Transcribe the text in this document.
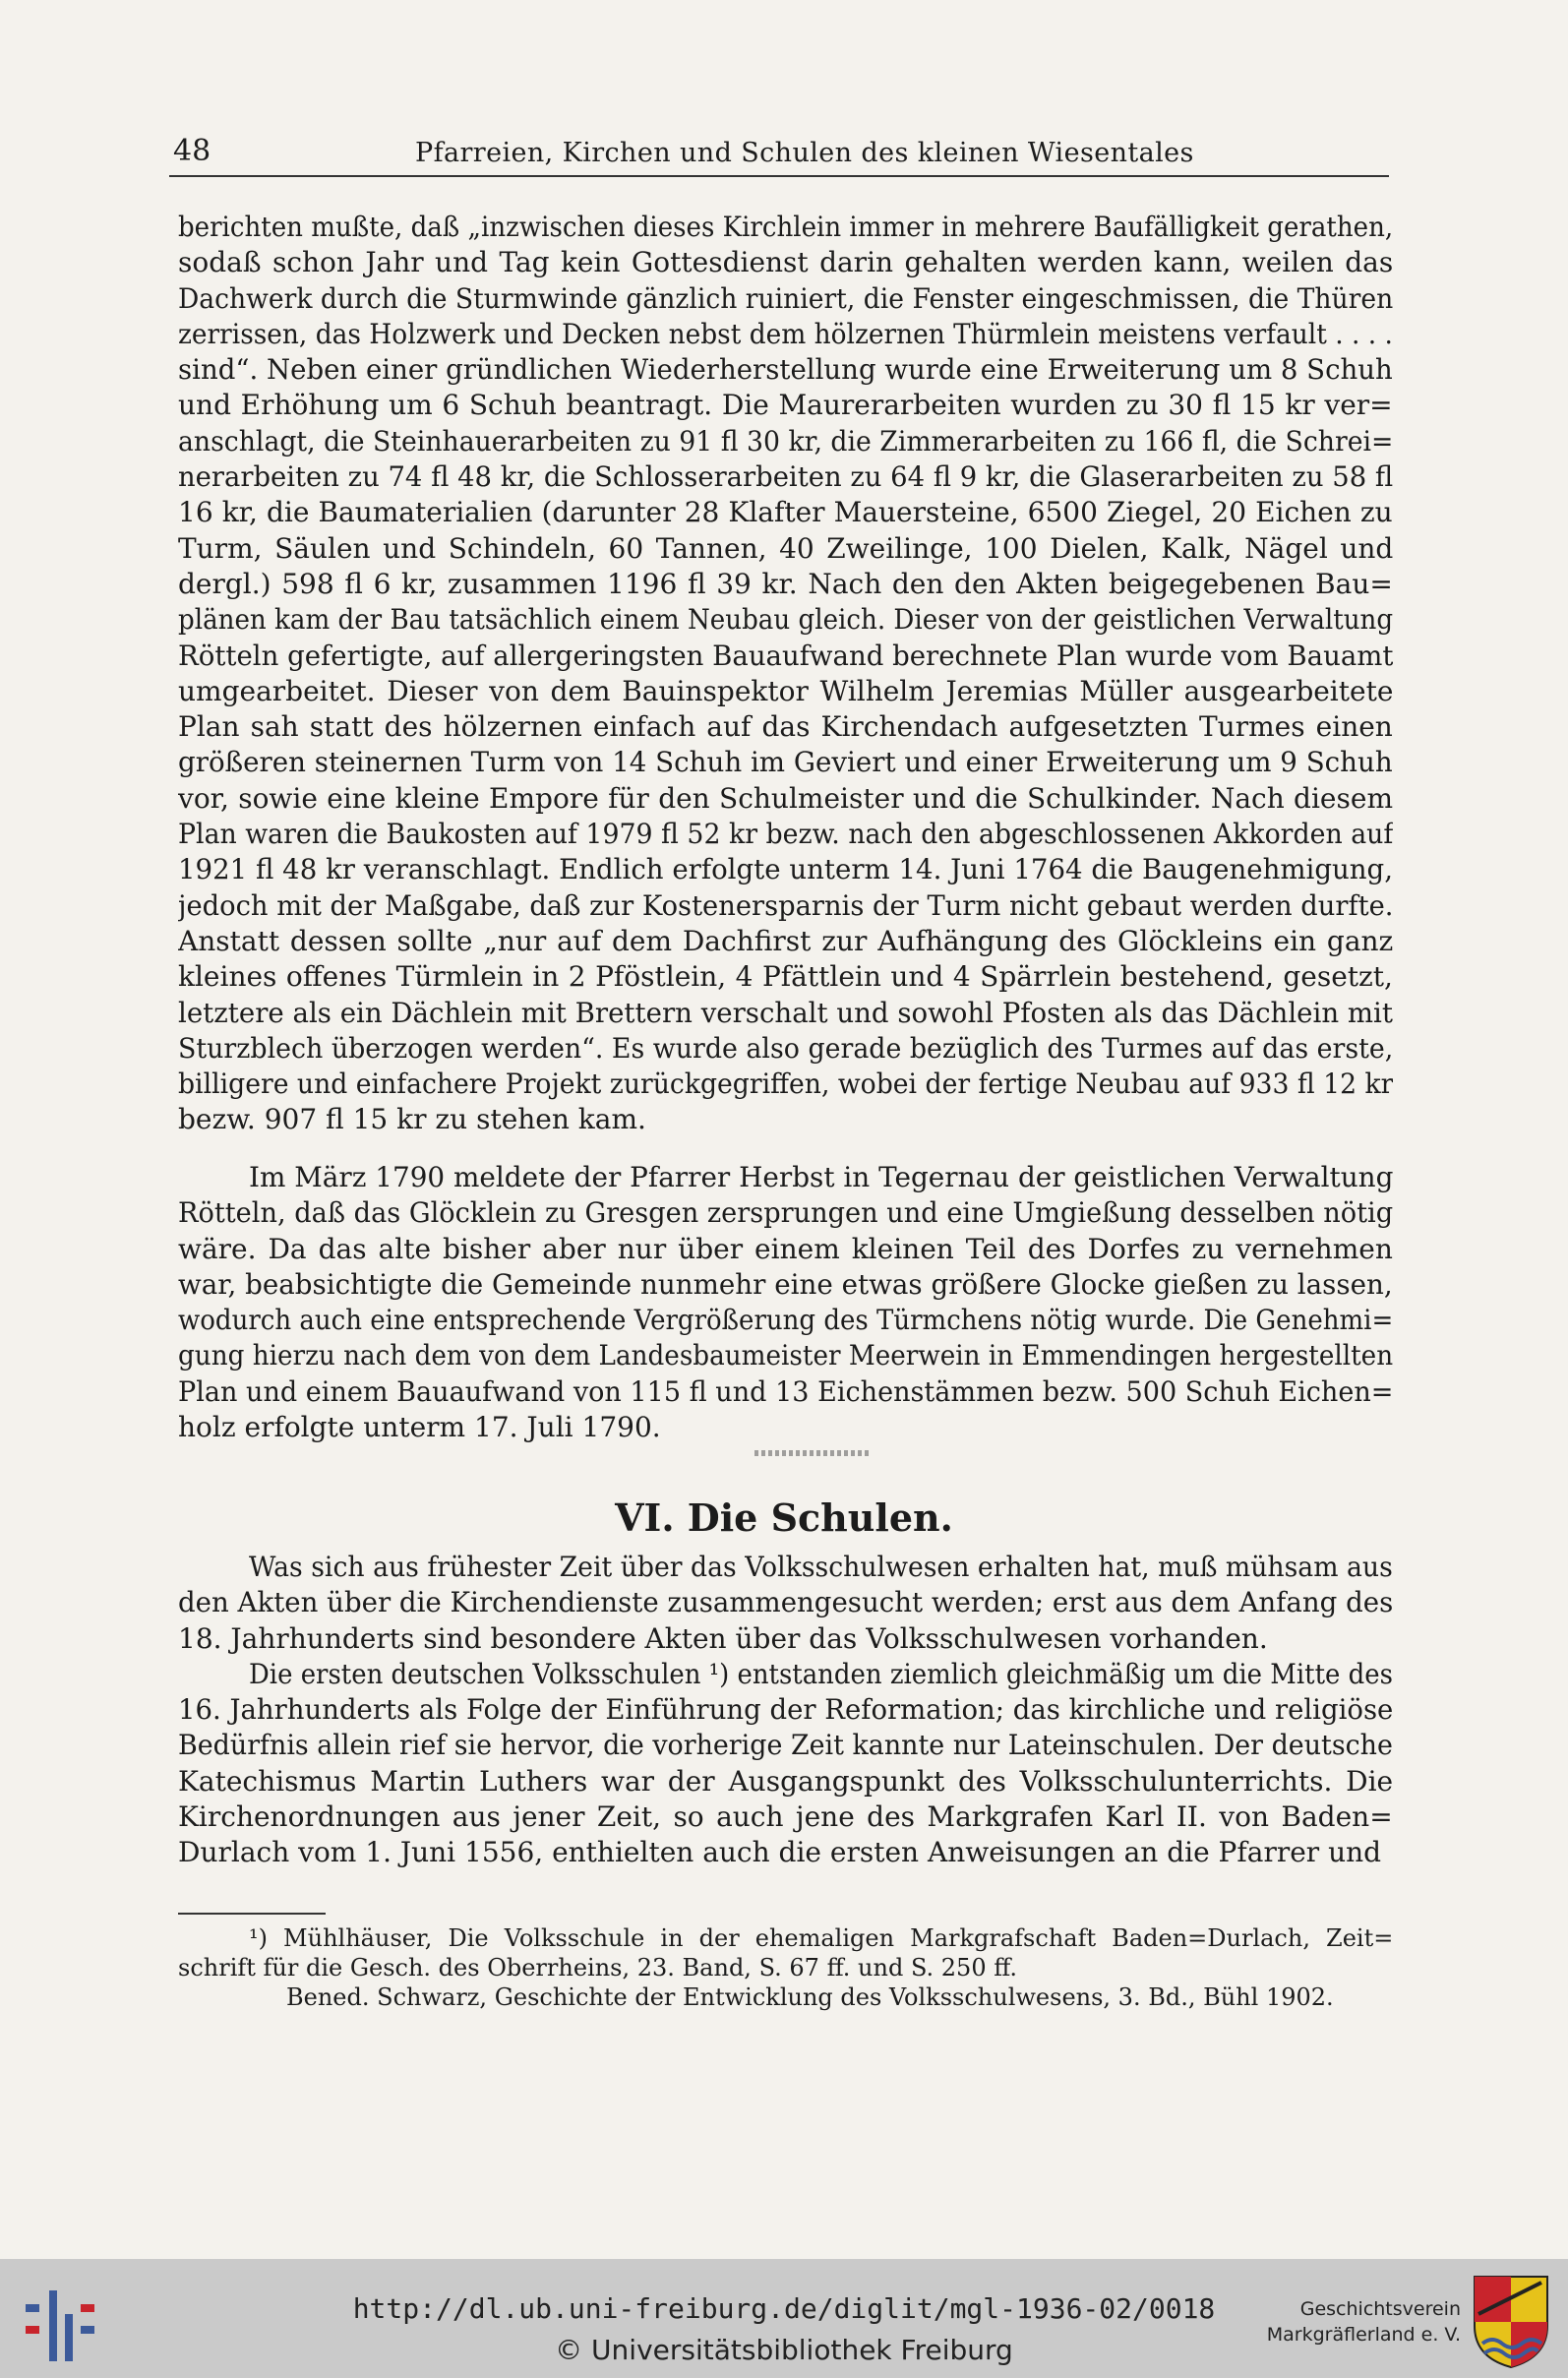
48	Pfarreien, Kirchen und Schulen des kleinen Wiesentales
berichten mußte, daß „inzwischen dieses Kirchlein immer in mehrere Baufälligkeit gerathen,
sodaß schon Jahr und Tag kein Gottesdienst darin gehalten werden kann, weilen das
Dachwerk durch die Sturmwinde gänzlich ruiniert, die Fenster eingeschmissen, die Thüren
zerrissen, das Holzwerk und Decken nebst dem hölzernen Thürmlein meistens verfault . . . .
sind“. Neben einer gründlichen Wiederherstellung wurde eine Erweiterung um 8 Schuh
und Erhöhung um 6 Schuh beantragt. Die Maurerarbeiten wurden zu 30 fl 15 kr ver=
anschlagt, die Steinhauerarbeiten zu 91 fl 30 kr, die Zimmerarbeiten zu 166 fl, die Schrei=
nerarbeiten zu 74 fl 48 kr, die Schlosserarbeiten zu 64 fl 9 kr, die Glaserarbeiten zu 58 fl
16 kr, die Baumaterialien (darunter 28 Klafter Mauersteine, 6500 Ziegel, 20 Eichen zu
Turm, Säulen und Schindeln, 60 Tannen, 40 Zweilinge, 100 Dielen, Kalk, Nägel und
dergl.) 598 fl 6 kr, zusammen 1196 fl 39 kr. Nach den den Akten beigegebenen Bau=
plänen kam der Bau tatsächlich einem Neubau gleich. Dieser von der geistlichen Verwaltung
Rötteln gefertigte, auf allergeringsten Bauaufwand berechnete Plan wurde vom Bauamt
umgearbeitet. Dieser von dem Bauinspektor Wilhelm Jeremias Müller ausgearbeitete
Plan sah statt des hölzernen einfach auf das Kirchendach aufgesetzten Turmes einen
größeren steinernen Turm von 14 Schuh im Geviert und einer Erweiterung um 9 Schuh
vor, sowie eine kleine Empore für den Schulmeister und die Schulkinder. Nach diesem
Plan waren die Baukosten auf 1979 fl 52 kr bezw. nach den abgeschlossenen Akkorden auf
1921 fl 48 kr veranschlagt. Endlich erfolgte unterm 14. Juni 1764 die Baugenehmigung,
jedoch mit der Maßgabe, daß zur Kostenersparnis der Turm nicht gebaut werden durfte.
Anstatt dessen sollte „nur auf dem Dachfirst zur Aufhängung des Glöckleins ein ganz
kleines offenes Türmlein in 2 Pföstlein, 4 Pfättlein und 4 Spärrlein bestehend, gesetzt,
letztere als ein Dächlein mit Brettern verschalt und sowohl Pfosten als das Dächlein mit
Sturzblech überzogen werden“. Es wurde also gerade bezüglich des Turmes auf das erste,
billigere und einfachere Projekt zurückgegriffen, wobei der fertige Neubau auf 933 fl 12 kr
bezw. 907 fl 15 kr zu stehen kam.
Im März 1790 meldete der Pfarrer Herbst in Tegernau der geistlichen Verwaltung
Rötteln, daß das Glöcklein zu Gresgen zersprungen und eine Umgießung desselben nötig
wäre. Da das alte bisher aber nur über einem kleinen Teil des Dorfes zu vernehmen
war, beabsichtigte die Gemeinde nunmehr eine etwas größere Glocke gießen zu lassen,
wodurch auch eine entsprechende Vergrößerung des Türmchens nötig wurde. Die Genehmi=
gung hierzu nach dem von dem Landesbaumeister Meerwein in Emmendingen hergestellten
Plan und einem Bauaufwand von 115 fl und 13 Eichenstämmen bezw. 500 Schuh Eichen=
holz erfolgte unterm 17. Juli 1790.
VI. Die Schulen.
Was sich aus frühester Zeit über das Volksschulwesen erhalten hat, muß mühsam aus
den Akten über die Kirchendienste zusammengesucht werden; erst aus dem Anfang des
18. Jahrhunderts sind besondere Akten über das Volksschulwesen vorhanden.
Die ersten deutschen Volksschulen ¹) entstanden ziemlich gleichmäßig um die Mitte des
16. Jahrhunderts als Folge der Einführung der Reformation; das kirchliche und religiöse
Bedürfnis allein rief sie hervor, die vorherige Zeit kannte nur Lateinschulen. Der deutsche
Katechismus Martin Luthers war der Ausgangspunkt des Volksschulunterrichts. Die
Kirchenordnungen aus jener Zeit, so auch jene des Markgrafen Karl II. von Baden=
Durlach vom 1. Juni 1556, enthielten auch die ersten Anweisungen an die Pfarrer und
¹) Mühlhäuser, Die Volksschule in der ehemaligen Markgrafschaft Baden=Durlach, Zeit=
schrift für die Gesch. des Oberrheins, 23. Band, S. 67 ff. und S. 250 ff.
Bened. Schwarz, Geschichte der Entwicklung des Volksschulwesens, 3. Bd., Bühl 1902.
http://dl.ub.uni-freiburg.de/diglit/mgl-1936-02/0018
© Universitätsbibliothek Freiburg
Geschichtsverein
Markgräflerland e. V.
